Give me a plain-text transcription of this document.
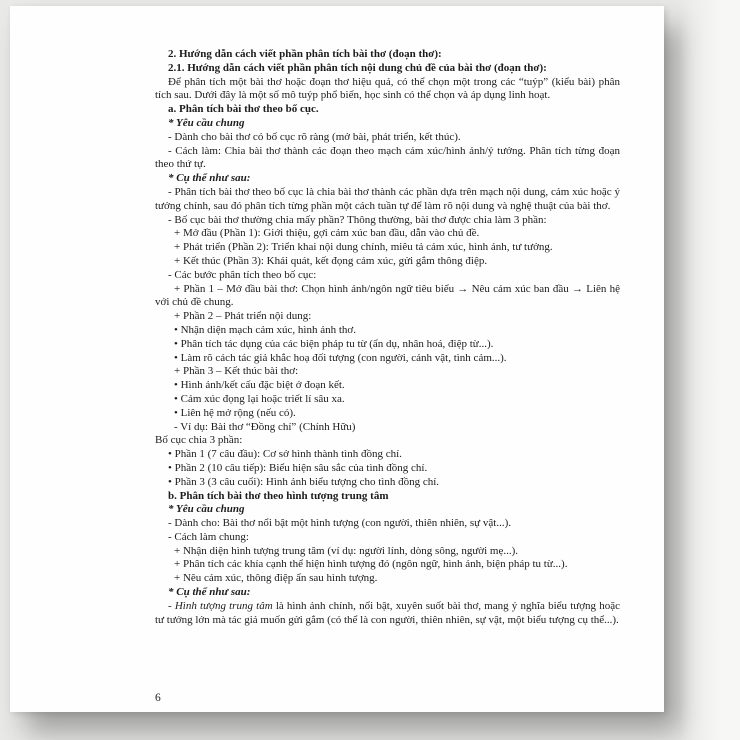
2. Hướng dẫn cách viết phần phân tích bài thơ (đoạn thơ):

2.1. Hướng dẫn cách viết phần phân tích nội dung chủ đề của bài thơ (đoạn thơ):

Để phân tích một bài thơ hoặc đoạn thơ hiệu quả, có thể chọn một trong các “tuýp” (kiểu bài) phân tích sau. Dưới đây là một số mô tuýp phổ biến, học sinh có thể chọn và áp dụng linh hoạt.

a. Phân tích bài thơ theo bố cục.

* Yêu cầu chung

- Dành cho bài thơ có bố cục rõ ràng (mở bài, phát triển, kết thúc).

- Cách làm: Chia bài thơ thành các đoạn theo mạch cảm xúc/hình ảnh/ý tưởng. Phân tích từng đoạn theo thứ tự.

* Cụ thể như sau:

- Phân tích bài thơ theo bố cục là chia bài thơ thành các phần dựa trên mạch nội dung, cảm xúc hoặc ý tưởng chính, sau đó phân tích từng phần một cách tuần tự để làm rõ nội dung và nghệ thuật của bài thơ.

- Bố cục bài thơ thường chia mấy phần? Thông thường, bài thơ được chia làm 3 phần:

+ Mở đầu (Phần 1): Giới thiệu, gợi cảm xúc ban đầu, dẫn vào chủ đề.

+ Phát triển (Phần 2): Triển khai nội dung chính, miêu tả cảm xúc, hình ảnh, tư tưởng.

+ Kết thúc (Phần 3): Khái quát, kết đọng cảm xúc, gửi gắm thông điệp.

- Các bước phân tích theo bố cục:

+ Phần 1 – Mở đầu bài thơ: Chọn hình ảnh/ngôn ngữ tiêu biểu → Nêu cảm xúc ban đầu → Liên hệ với chủ đề chung.

+ Phần 2 – Phát triển nội dung:

• Nhận diện mạch cảm xúc, hình ảnh thơ.

• Phân tích tác dụng của các biện pháp tu từ (ẩn dụ, nhân hoá, điệp từ...).

• Làm rõ cách tác giả khắc hoạ đối tượng (con người, cảnh vật, tình cảm...).

+ Phần 3 – Kết thúc bài thơ:

• Hình ảnh/kết cấu đặc biệt ở đoạn kết.

• Cảm xúc đọng lại hoặc triết lí sâu xa.

• Liên hệ mở rộng (nếu có).

- Ví dụ: Bài thơ “Đồng chí” (Chính Hữu)

Bố cục chia 3 phần:

• Phần 1 (7 câu đầu): Cơ sở hình thành tình đồng chí.

• Phần 2 (10 câu tiếp): Biểu hiện sâu sắc của tình đồng chí.

• Phần 3 (3 câu cuối): Hình ảnh biểu tượng cho tình đồng chí.

b. Phân tích bài thơ theo hình tượng trung tâm

* Yêu cầu chung

- Dành cho: Bài thơ nổi bật một hình tượng (con người, thiên nhiên, sự vật...).

- Cách làm chung:

+ Nhận diện hình tượng trung tâm (ví dụ: người lính, dòng sông, người mẹ...).

+ Phân tích các khía cạnh thể hiện hình tượng đó (ngôn ngữ, hình ảnh, biện pháp tu từ...).

+ Nêu cảm xúc, thông điệp ẩn sau hình tượng.

* Cụ thể như sau:

- Hình tượng trung tâm là hình ảnh chính, nổi bật, xuyên suốt bài thơ, mang ý nghĩa biểu tượng hoặc tư tưởng lớn mà tác giả muốn gửi gắm (có thể là con người, thiên nhiên, sự vật, một biểu tượng cụ thể...).

6
